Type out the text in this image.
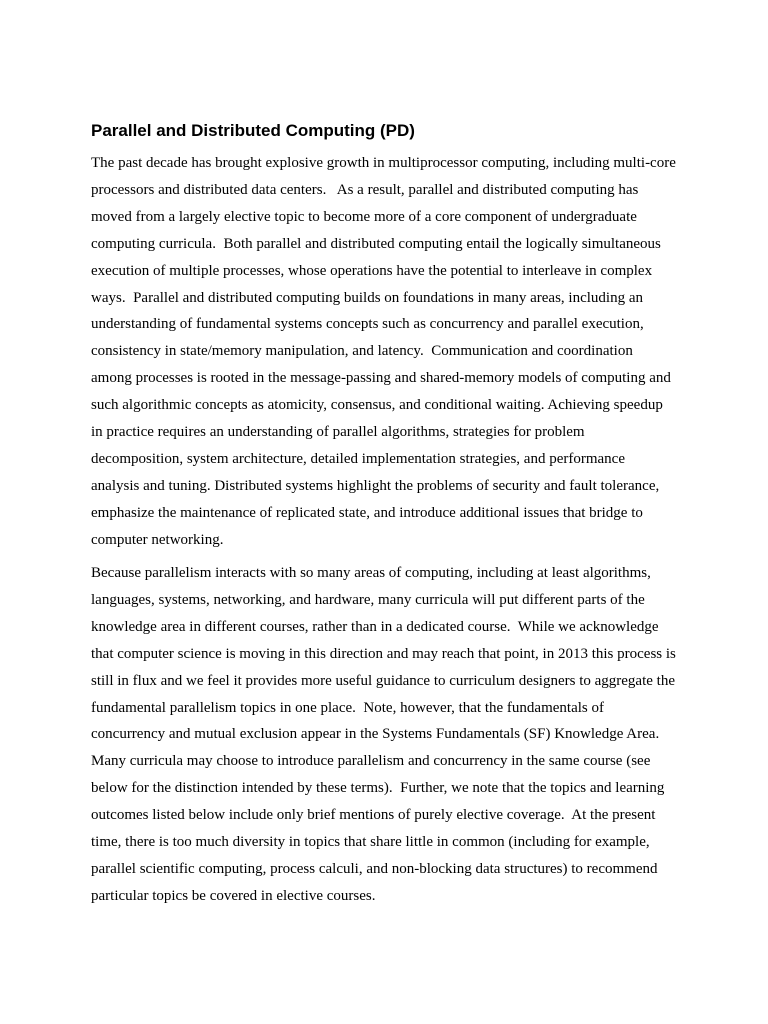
Parallel and Distributed Computing (PD)
The past decade has brought explosive growth in multiprocessor computing, including multi-core
processors and distributed data centers.   As a result, parallel and distributed computing has
moved from a largely elective topic to become more of a core component of undergraduate
computing curricula.  Both parallel and distributed computing entail the logically simultaneous
execution of multiple processes, whose operations have the potential to interleave in complex
ways.  Parallel and distributed computing builds on foundations in many areas, including an
understanding of fundamental systems concepts such as concurrency and parallel execution,
consistency in state/memory manipulation, and latency.  Communication and coordination
among processes is rooted in the message-passing and shared-memory models of computing and
such algorithmic concepts as atomicity, consensus, and conditional waiting. Achieving speedup
in practice requires an understanding of parallel algorithms, strategies for problem
decomposition, system architecture, detailed implementation strategies, and performance
analysis and tuning. Distributed systems highlight the problems of security and fault tolerance,
emphasize the maintenance of replicated state, and introduce additional issues that bridge to
computer networking.
Because parallelism interacts with so many areas of computing, including at least algorithms,
languages, systems, networking, and hardware, many curricula will put different parts of the
knowledge area in different courses, rather than in a dedicated course.  While we acknowledge
that computer science is moving in this direction and may reach that point, in 2013 this process is
still in flux and we feel it provides more useful guidance to curriculum designers to aggregate the
fundamental parallelism topics in one place.  Note, however, that the fundamentals of
concurrency and mutual exclusion appear in the Systems Fundamentals (SF) Knowledge Area.
Many curricula may choose to introduce parallelism and concurrency in the same course (see
below for the distinction intended by these terms).  Further, we note that the topics and learning
outcomes listed below include only brief mentions of purely elective coverage.  At the present
time, there is too much diversity in topics that share little in common (including for example,
parallel scientific computing, process calculi, and non-blocking data structures) to recommend
particular topics be covered in elective courses.
